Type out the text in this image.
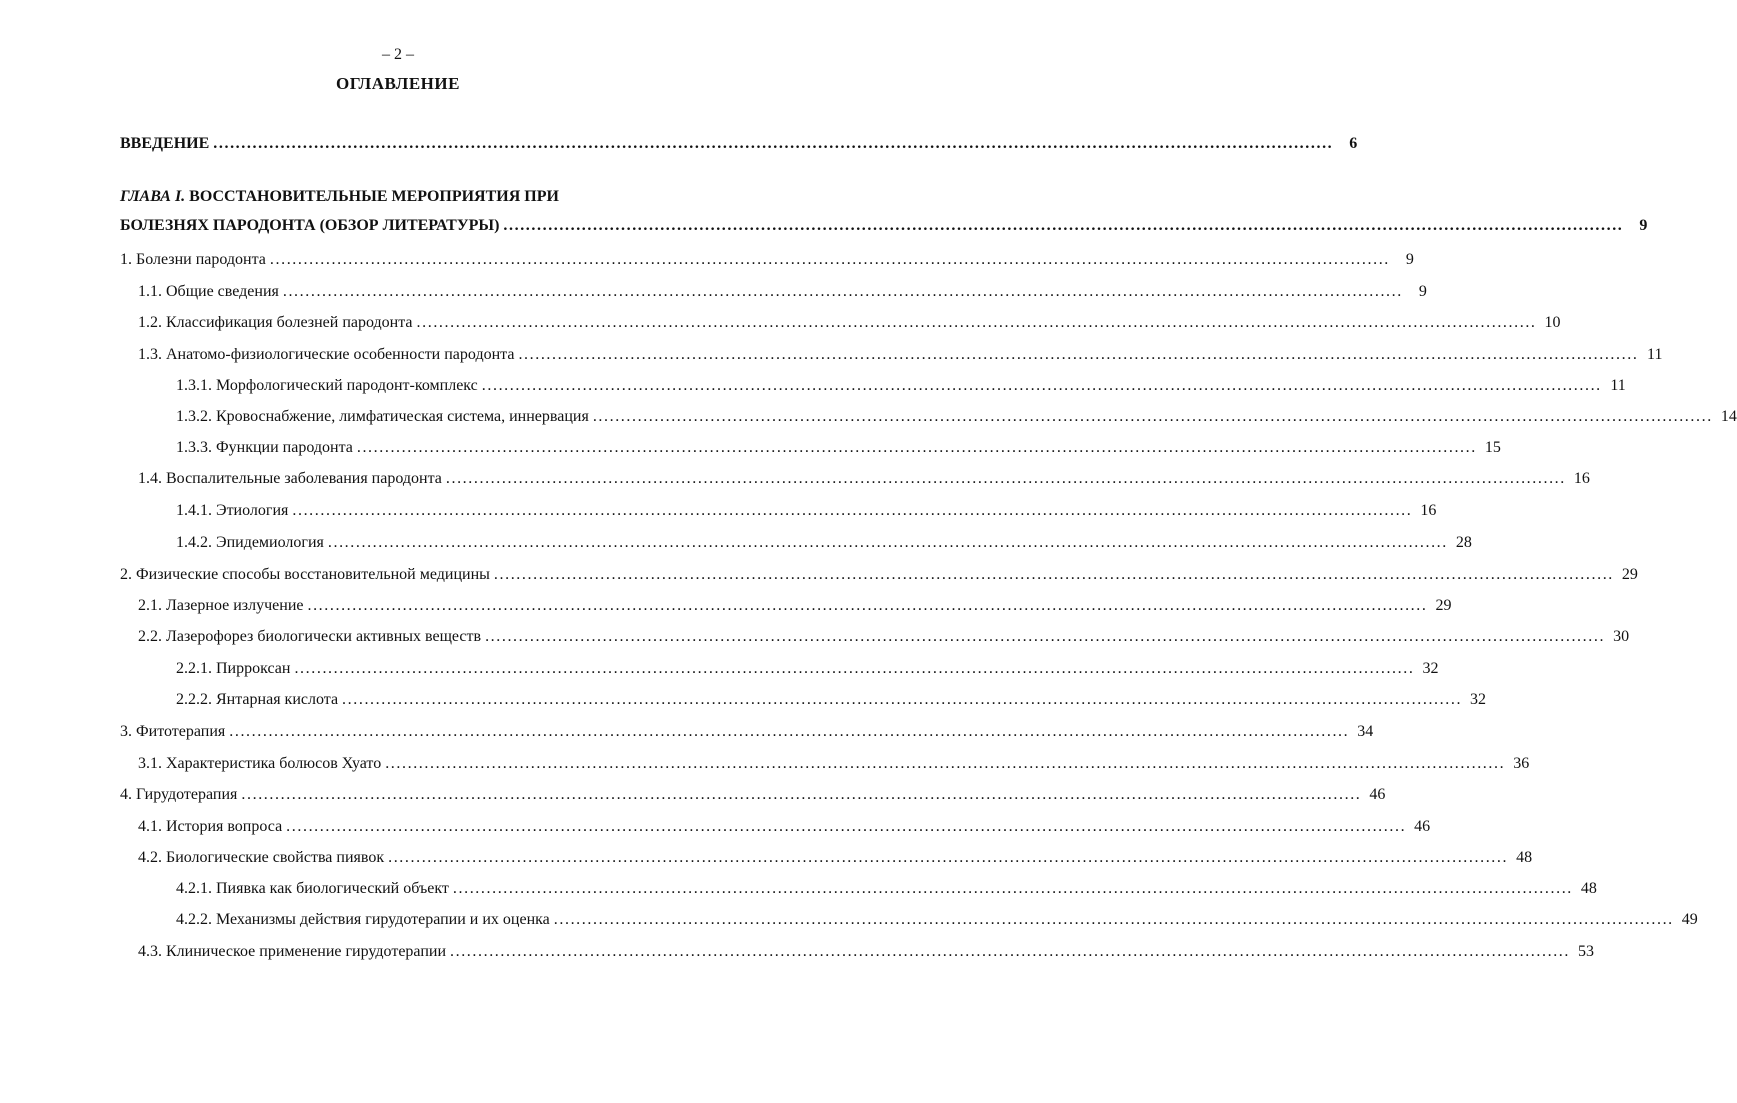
– 2 –
ОГЛАВЛЕНИЕ
ВВЕДЕНИЕ ........................................................................................................................................................................................................	6
ГЛАВА I. ВОССТАНОВИТЕЛЬНЫЕ МЕРОПРИЯТИЯ ПРИ
БОЛЕЗНЯХ ПАРОДОНТА (ОБЗОР ЛИТЕРАТУРЫ) ........................................................................................................................................................................................................	9
1. Болезни пародонта ........................................................................................................................................................................................................	9
1.1. Общие сведения ........................................................................................................................................................................................................	9
1.2. Классификация болезней пародонта ........................................................................................................................................................................................................ 10
1.3. Анатомо-физиологические особенности пародонта ........................................................................................................................................................................................................ 11
1.3.1. Морфологический пародонт-комплекс ........................................................................................................................................................................................................ 11
1.3.2. Кровоснабжение, лимфатическая система, иннервация ........................................................................................................................................................................................................ 14
1.3.3. Функции пародонта ........................................................................................................................................................................................................ 15
1.4. Воспалительные заболевания пародонта ........................................................................................................................................................................................................ 16
1.4.1. Этиология ........................................................................................................................................................................................................ 16
1.4.2. Эпидемиология ........................................................................................................................................................................................................ 28
2. Физические способы восстановительной медицины ........................................................................................................................................................................................................ 29
2.1. Лазерное излучение ........................................................................................................................................................................................................ 29
2.2. Лазерофорез биологически активных веществ ........................................................................................................................................................................................................ 30
2.2.1. Пирроксан ........................................................................................................................................................................................................ 32
2.2.2. Янтарная кислота ........................................................................................................................................................................................................ 32
3. Фитотерапия ........................................................................................................................................................................................................ 34
3.1. Характеристика болюсов Хуато ........................................................................................................................................................................................................ 36
4. Гирудотерапия ........................................................................................................................................................................................................ 46
4.1. История вопроса ........................................................................................................................................................................................................ 46
4.2. Биологические свойства пиявок ........................................................................................................................................................................................................ 48
4.2.1. Пиявка как биологический объект ........................................................................................................................................................................................................ 48
4.2.2. Механизмы действия гирудотерапии и их оценка ........................................................................................................................................................................................................ 49
4.3. Клиническое применение гирудотерапии ........................................................................................................................................................................................................ 53
